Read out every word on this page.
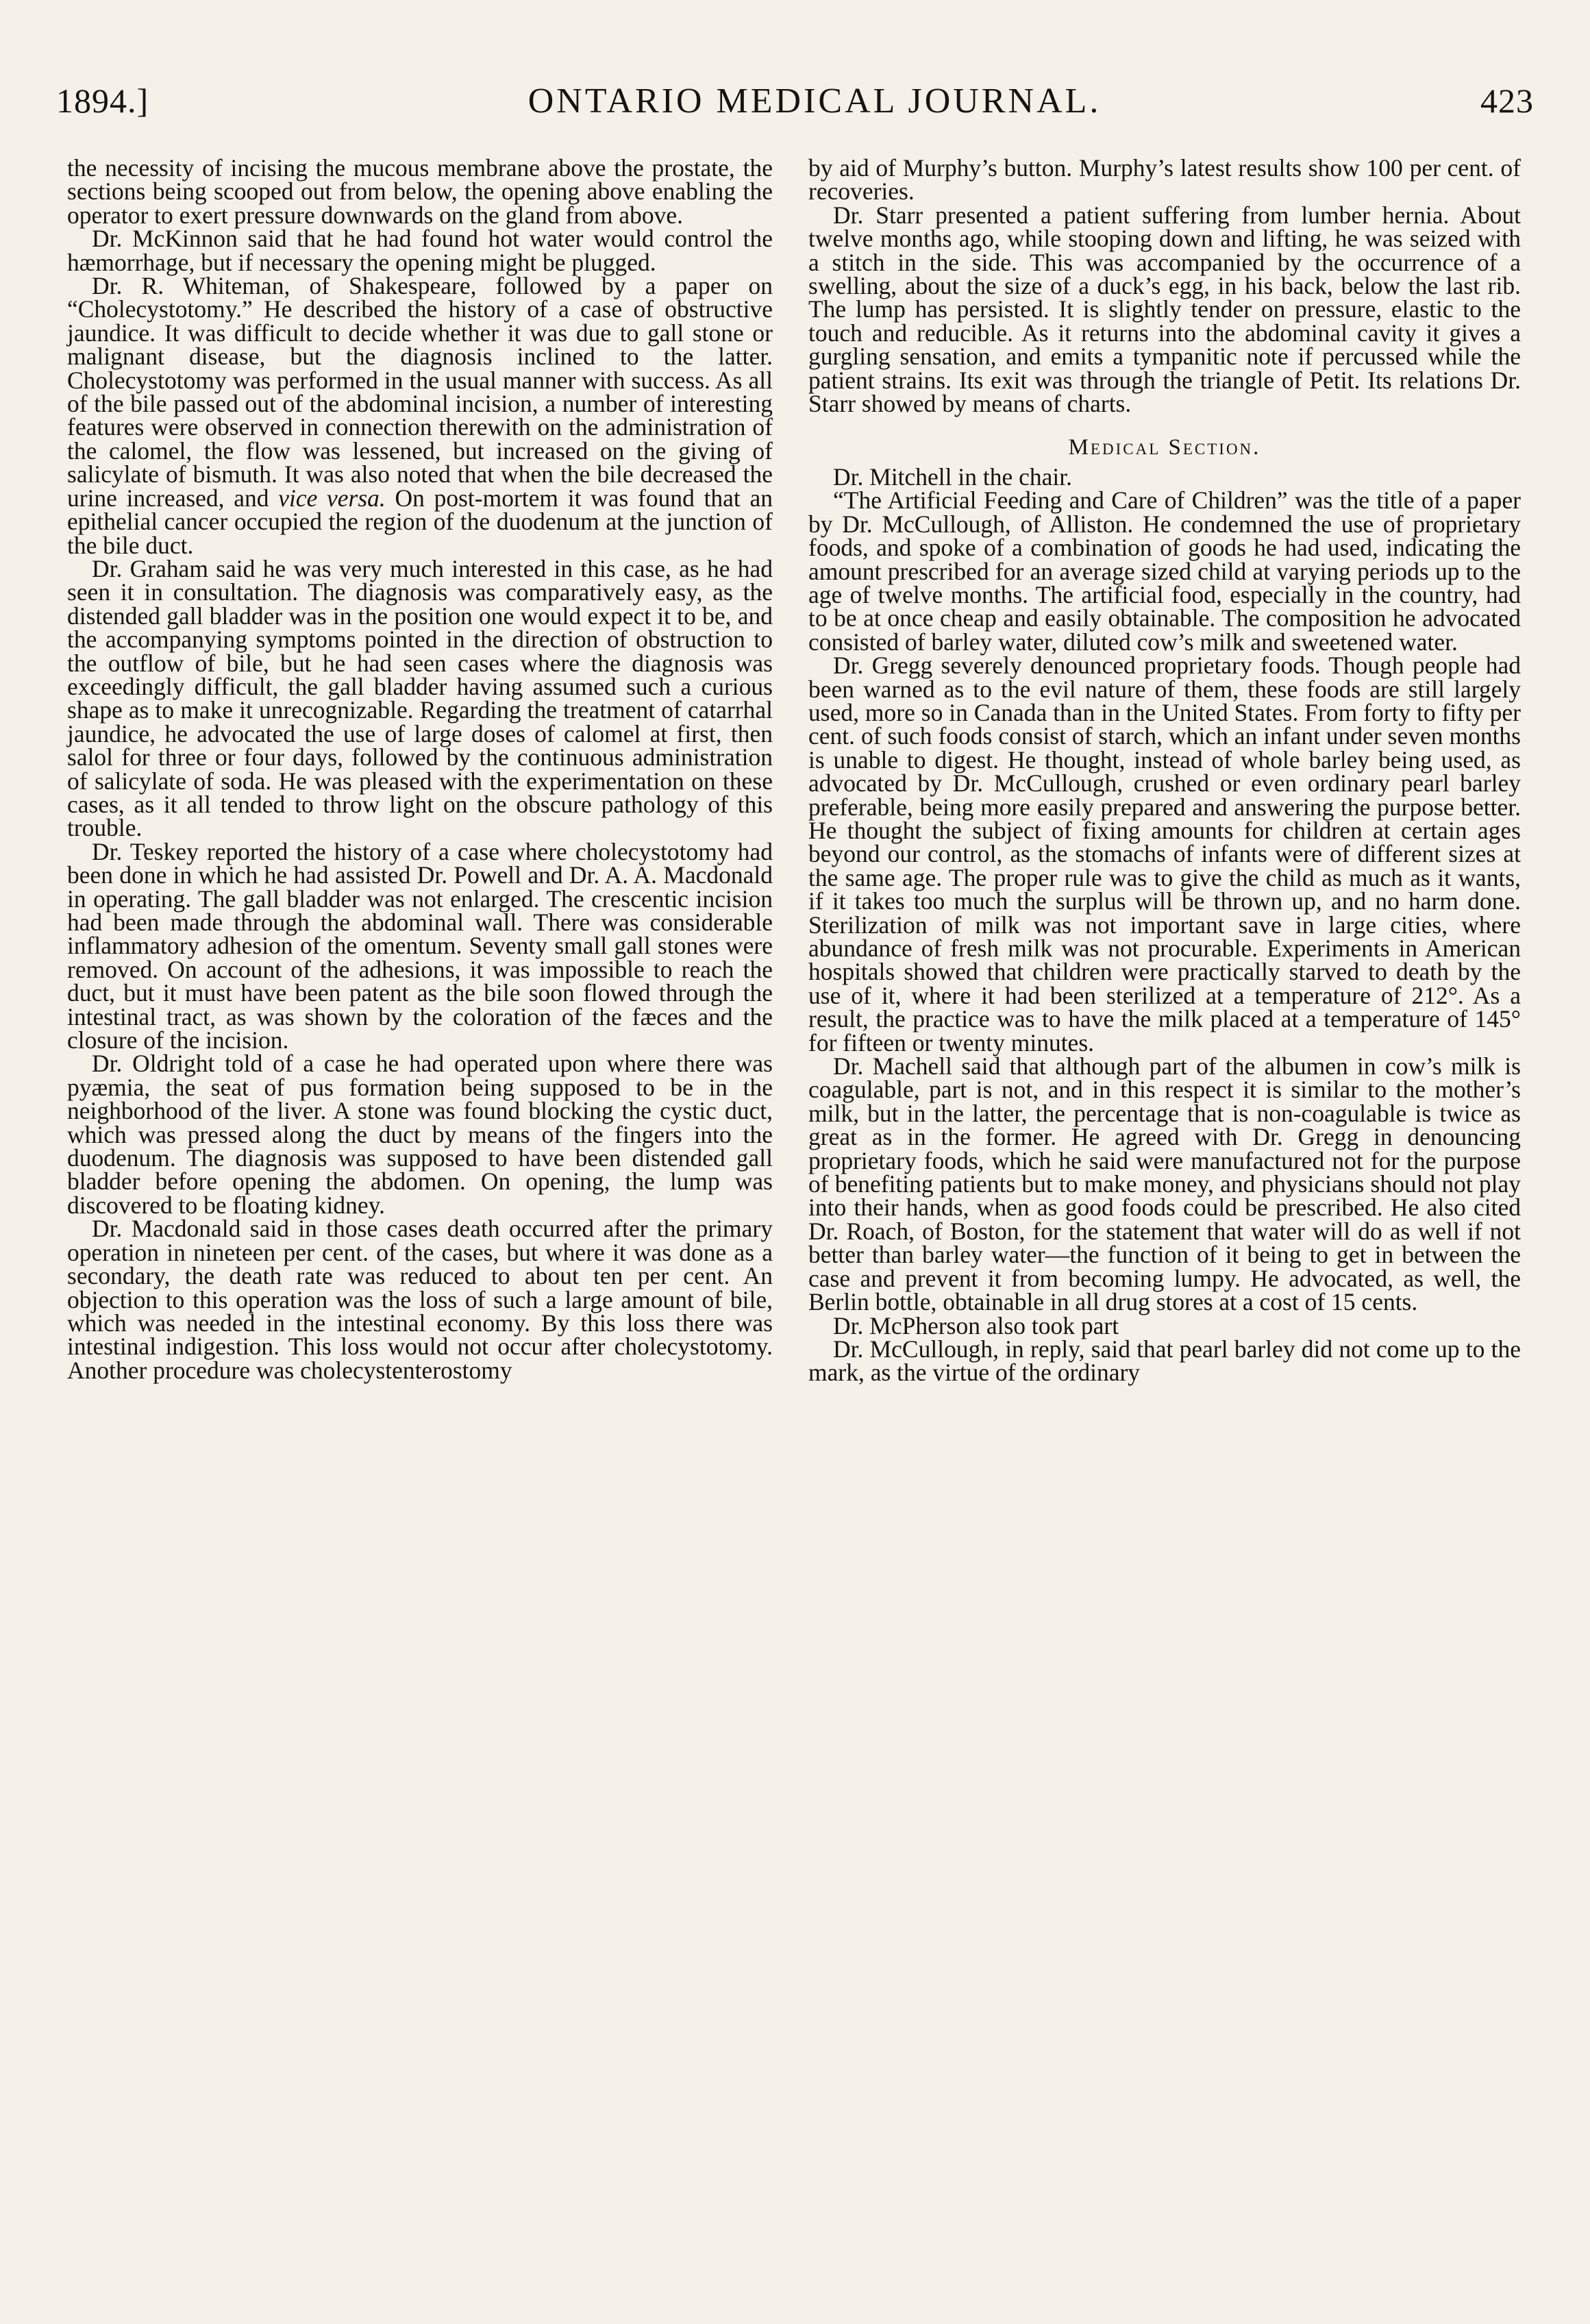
1894.]	ONTARIO MEDICAL JOURNAL.	423

the necessity of incising the mucous membrane above the prostate, the sections being scooped out from below, the opening above enabling the operator to exert pressure downwards on the gland from above.

Dr. McKinnon said that he had found hot water would control the hæmorrhage, but if necessary the opening might be plugged.

Dr. R. Whiteman, of Shakespeare, followed by a paper on “Cholecystotomy.” He described the history of a case of obstructive jaundice. It was difficult to decide whether it was due to gall stone or malignant disease, but the diagnosis inclined to the latter. Cholecystotomy was performed in the usual manner with success. As all of the bile passed out of the abdominal incision, a number of interesting features were observed in connection therewith on the administration of the calomel, the flow was lessened, but increased on the giving of salicylate of bismuth. It was also noted that when the bile decreased the urine increased, and vice versa. On post-mortem it was found that an epithelial cancer occupied the region of the duodenum at the junction of the bile duct.

Dr. Graham said he was very much interested in this case, as he had seen it in consultation. The diagnosis was comparatively easy, as the distended gall bladder was in the position one would expect it to be, and the accompanying symptoms pointed in the direction of obstruction to the outflow of bile, but he had seen cases where the diagnosis was exceedingly difficult, the gall bladder having assumed such a curious shape as to make it unrecognizable. Regarding the treatment of catarrhal jaundice, he advocated the use of large doses of calomel at first, then salol for three or four days, followed by the continuous administration of salicylate of soda. He was pleased with the experimentation on these cases, as it all tended to throw light on the obscure pathology of this trouble.

Dr. Teskey reported the history of a case where cholecystotomy had been done in which he had assisted Dr. Powell and Dr. A. A. Macdonald in operating. The gall bladder was not enlarged. The crescentic incision had been made through the abdominal wall. There was considerable inflammatory adhesion of the omentum. Seventy small gall stones were removed. On account of the adhesions, it was impossible to reach the duct, but it must have been patent as the bile soon flowed through the intestinal tract, as was shown by the coloration of the fæces and the closure of the incision.

Dr. Oldright told of a case he had operated upon where there was pyæmia, the seat of pus formation being supposed to be in the neighborhood of the liver. A stone was found blocking the cystic duct, which was pressed along the duct by means of the fingers into the duodenum. The diagnosis was supposed to have been distended gall bladder before opening the abdomen. On opening, the lump was discovered to be floating kidney.

Dr. Macdonald said in those cases death occurred after the primary operation in nineteen per cent. of the cases, but where it was done as a secondary, the death rate was reduced to about ten per cent. An objection to this operation was the loss of such a large amount of bile, which was needed in the intestinal economy. By this loss there was intestinal indigestion. This loss would not occur after cholecystotomy. Another procedure was cholecystenterostomy

by aid of Murphy’s button. Murphy’s latest results show 100 per cent. of recoveries.

Dr. Starr presented a patient suffering from lumber hernia. About twelve months ago, while stooping down and lifting, he was seized with a stitch in the side. This was accompanied by the occurrence of a swelling, about the size of a duck’s egg, in his back, below the last rib. The lump has persisted. It is slightly tender on pressure, elastic to the touch and reducible. As it returns into the abdominal cavity it gives a gurgling sensation, and emits a tympanitic note if percussed while the patient strains. Its exit was through the triangle of Petit. Its relations Dr. Starr showed by means of charts.

Medical Section.

Dr. Mitchell in the chair.

“The Artificial Feeding and Care of Children” was the title of a paper by Dr. McCullough, of Alliston. He condemned the use of proprietary foods, and spoke of a combination of goods he had used, indicating the amount prescribed for an average sized child at varying periods up to the age of twelve months. The artificial food, especially in the country, had to be at once cheap and easily obtainable. The composition he advocated consisted of barley water, diluted cow’s milk and sweetened water.

Dr. Gregg severely denounced proprietary foods. Though people had been warned as to the evil nature of them, these foods are still largely used, more so in Canada than in the United States. From forty to fifty per cent. of such foods consist of starch, which an infant under seven months is unable to digest. He thought, instead of whole barley being used, as advocated by Dr. McCullough, crushed or even ordinary pearl barley preferable, being more easily prepared and answering the purpose better. He thought the subject of fixing amounts for children at certain ages beyond our control, as the stomachs of infants were of different sizes at the same age. The proper rule was to give the child as much as it wants, if it takes too much the surplus will be thrown up, and no harm done. Sterilization of milk was not important save in large cities, where abundance of fresh milk was not procurable. Experiments in American hospitals showed that children were practically starved to death by the use of it, where it had been sterilized at a temperature of 212°. As a result, the practice was to have the milk placed at a temperature of 145° for fifteen or twenty minutes.

Dr. Machell said that although part of the albumen in cow’s milk is coagulable, part is not, and in this respect it is similar to the mother’s milk, but in the latter, the percentage that is non-coagulable is twice as great as in the former. He agreed with Dr. Gregg in denouncing proprietary foods, which he said were manufactured not for the purpose of benefiting patients but to make money, and physicians should not play into their hands, when as good foods could be prescribed. He also cited Dr. Roach, of Boston, for the statement that water will do as well if not better than barley water—the function of it being to get in between the case and prevent it from becoming lumpy. He advocated, as well, the Berlin bottle, obtainable in all drug stores at a cost of 15 cents.

Dr. McPherson also took part

Dr. McCullough, in reply, said that pearl barley did not come up to the mark, as the virtue of the ordinary
